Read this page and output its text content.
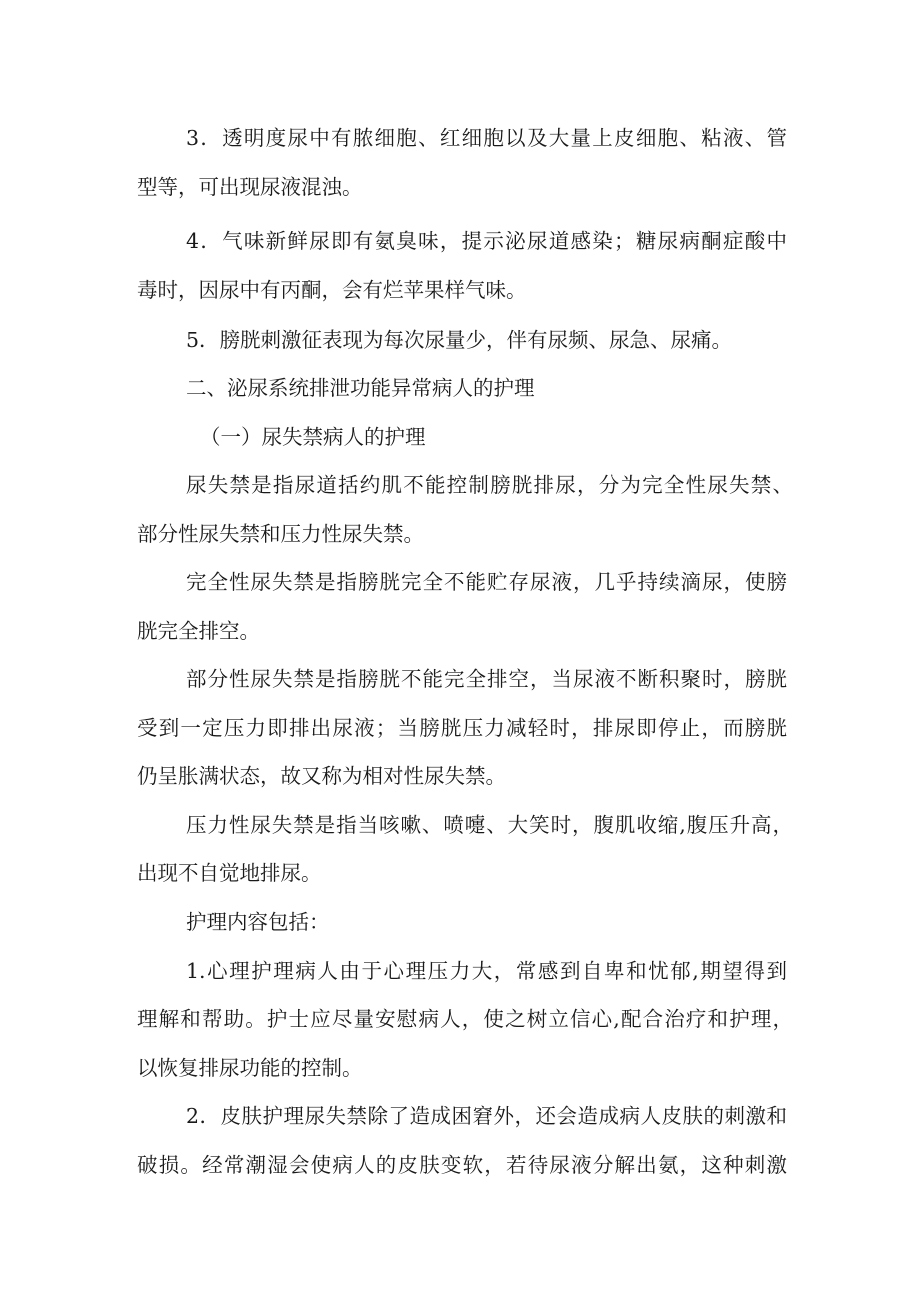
3．透明度尿中有脓细胞、红细胞以及大量上皮细胞、粘液、管

型等，可出现尿液混浊。

4．气味新鲜尿即有氨臭味，提示泌尿道感染；糖尿病酮症酸中

毒时，因尿中有丙酮，会有烂苹果样气味。

5．膀胱刺激征表现为每次尿量少，伴有尿频、尿急、尿痛。

二、泌尿系统排泄功能异常病人的护理

（一）尿失禁病人的护理

尿失禁是指尿道括约肌不能控制膀胱排尿，分为完全性尿失禁、

部分性尿失禁和压力性尿失禁。

完全性尿失禁是指膀胱完全不能贮存尿液，几乎持续滴尿，使膀

胱完全排空。

部分性尿失禁是指膀胱不能完全排空，当尿液不断积聚时，膀胱

受到一定压力即排出尿液；当膀胱压力减轻时，排尿即停止，而膀胱

仍呈胀满状态，故又称为相对性尿失禁。

压力性尿失禁是指当咳嗽、喷嚏、大笑时，腹肌收缩,腹压升高，

出现不自觉地排尿。

护理内容包括：

1.心理护理病人由于心理压力大，常感到自卑和忧郁,期望得到

理解和帮助。护士应尽量安慰病人，使之树立信心,配合治疗和护理，

以恢复排尿功能的控制。

2．皮肤护理尿失禁除了造成困窘外，还会造成病人皮肤的刺激和

破损。经常潮湿会使病人的皮肤变软，若待尿液分解出氨，这种刺激
